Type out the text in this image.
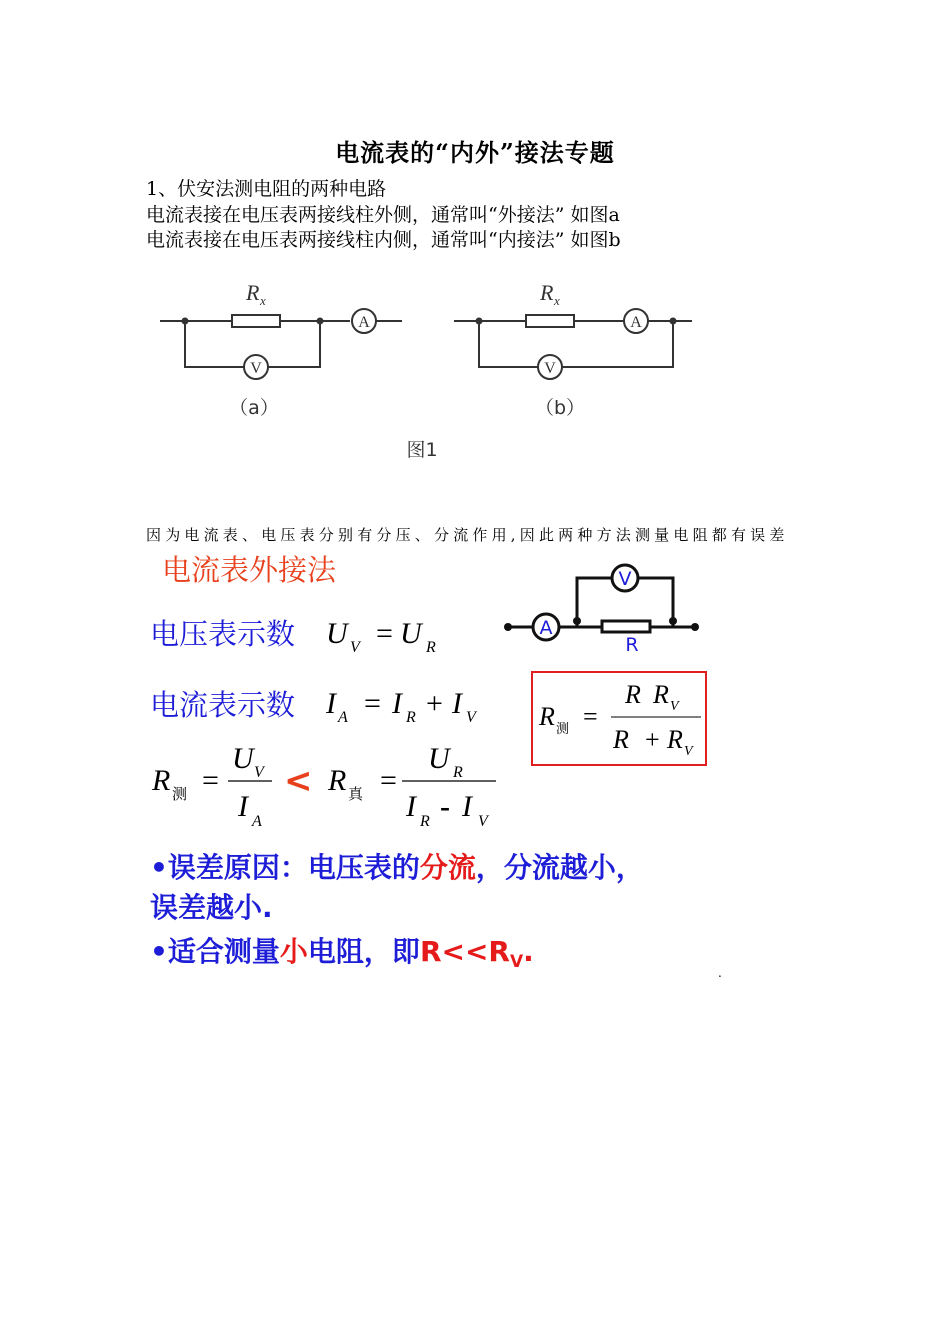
电流表的“内外”接法专题
1、伏安法测电阻的两种电路
电流表接在电压表两接线柱外侧，通常叫“外接法” 如图a
电流表接在电压表两接线柱内侧，通常叫“内接法” 如图b
R x	R x
A
V
A
V
（a）	（b）
图1
因为电流表、电压表分别有分压、分流作用,因此两种方法测量电阻都有误差
电流表外接法	V
A
R
电压表示数
电流表示数
U V = U R
I A = I R + I V R 测 =
R R V
R + R V
R 测 =
U V
I A
< R 真 =
U R
I R - I V
•误差原因：电压表的分流，分流越小，
误差越小.
•适合测量小电阻，即$R<<R_V$.
.
